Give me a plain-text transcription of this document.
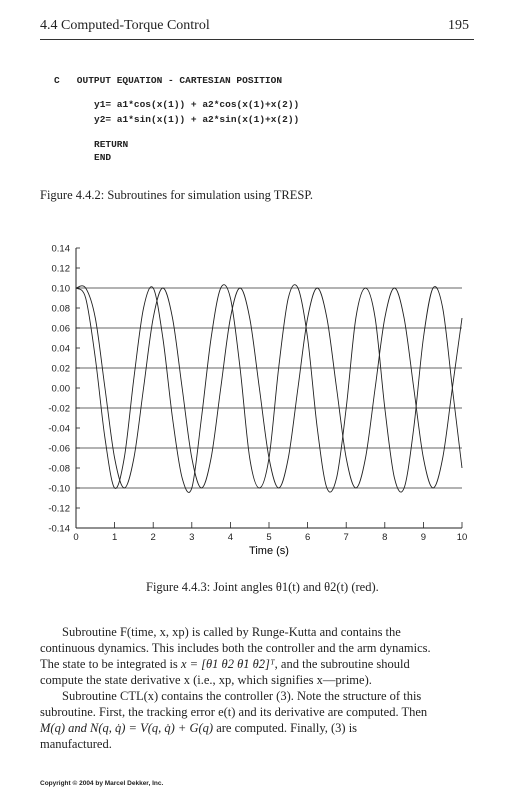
4.4 Computed-Torque Control	195
C   OUTPUT EQUATION - CARTESIAN POSITION
y1= a1*cos(x(1)) + a2*cos(x(1)+x(2))
y2= a1*sin(x(1)) + a2*sin(x(1)+x(2))
RETURN
END
Figure 4.4.2: Subroutines for simulation using TRESP.
0.14
0.12
0.10
0.08
0.06
0.04
0.02
0.00
-0.02
-0.04
-0.06
-0.08
-0.10
-0.12
-0.14
0	1	2	3	4	5	6	7	8	9	10
Time (s)
Figure 4.4.3: Joint angles θ1(t) and θ2(t) (red).
Subroutine F(time, x, xp) is called by Runge-Kutta and contains the
continuous dynamics. This includes both the controller and the arm dynamics.
The state to be integrated is x = [θ1 θ2 θ̇1 θ̇2]ᵀ, and the subroutine should
compute the state derivative x (i.e., xp, which signifies x—prime).
Subroutine CTL(x) contains the controller (3). Note the structure of this
subroutine. First, the tracking error e(t) and its derivative are computed. Then
M(q) and N(q, q̇) = V(q, q̇) + G(q) are computed. Finally, (3) is
manufactured.
Copyright © 2004 by Marcel Dekker, Inc.
